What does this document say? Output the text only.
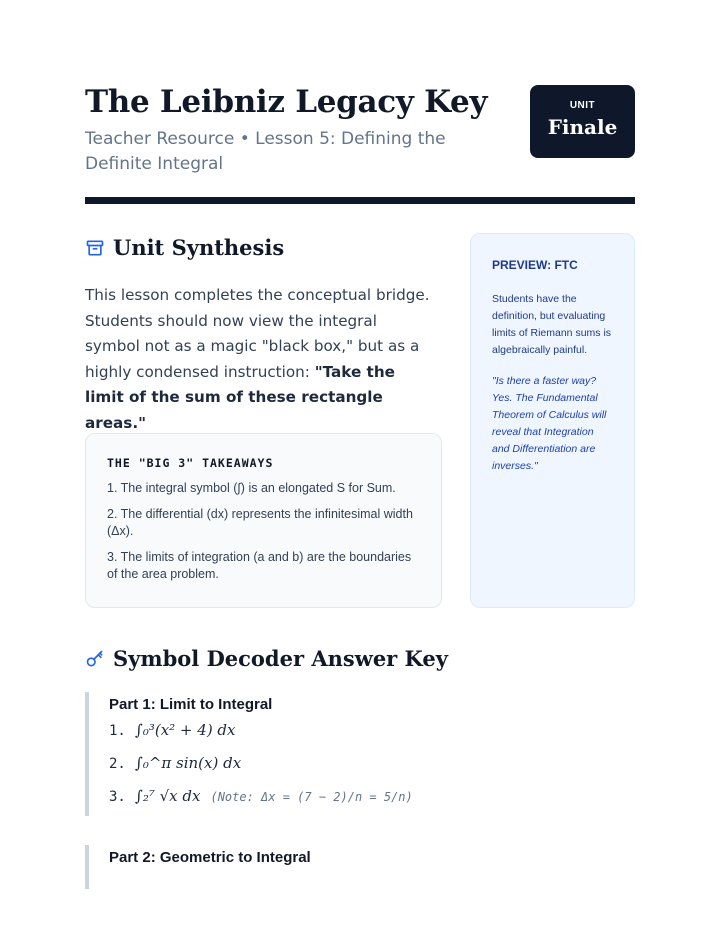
The Leibniz Legacy Key
Teacher Resource • Lesson 5: Defining the Definite Integral
UNIT
Finale
Unit Synthesis

This lesson completes the conceptual bridge. Students should now view the integral symbol not as a magic "black box," but as a highly condensed instruction: "Take the limit of the sum of these rectangle areas."

THE "BIG 3" TAKEAWAYS

1. The integral symbol (∫) is an elongated S for Sum.

2. The differential (dx) represents the infinitesimal width (Δx).

3. The limits of integration (a and b) are the boundaries of the area problem.

PREVIEW: FTC

Students have the definition, but evaluating limits of Riemann sums is algebraically painful.

"Is there a faster way? Yes. The Fundamental Theorem of Calculus will reveal that Integration and Differentiation are inverses."

Symbol Decoder Answer Key
Part 1: Limit to Integral
1. ∫₀³(x² + 4) dx
2. ∫₀^π sin(x) dx
3. ∫₂⁷ √x dx (Note: Δx = (7 − 2)/n = 5/n)
Part 2: Geometric to Integral
